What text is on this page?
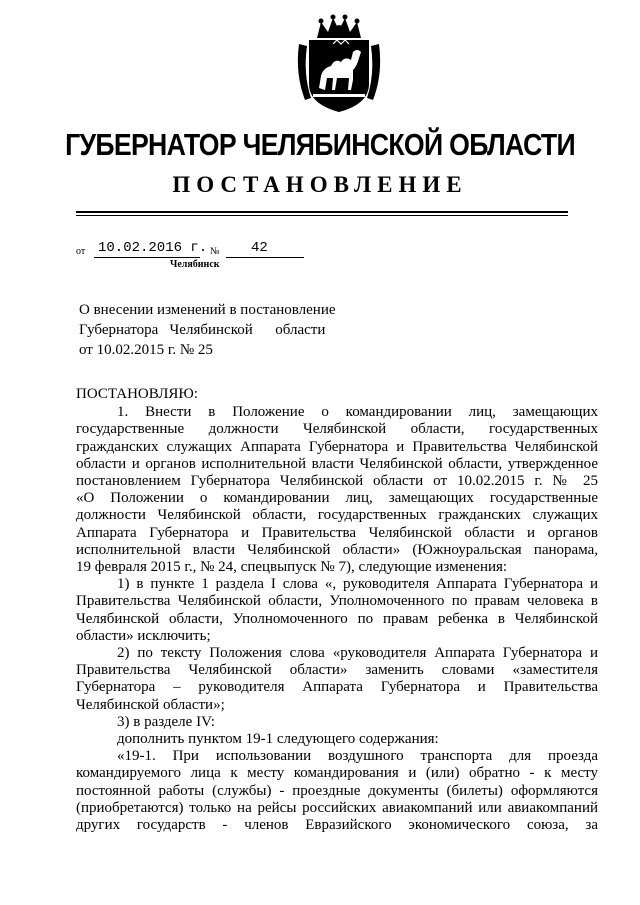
ГУБЕРНАТОР ЧЕЛЯБИНСКОЙ ОБЛАСТИ
ПОСТАНОВЛЕНИЕ
от 10.02.2016 г. № 42
Челябинск
О внесении изменений в постановление
Губернатора   Челябинской      области
от 10.02.2015 г. № 25
ПОСТАНОВЛЯЮ:
1. Внести в Положение о командировании лиц, замещающих
государственные должности Челябинской области, государственных
гражданских служащих Аппарата Губернатора и Правительства Челябинской
области и органов исполнительной власти Челябинской области, утвержденное
постановлением Губернатора Челябинской области от 10.02.2015 г. № 25
«О Положении о командировании лиц, замещающих государственные
должности Челябинской области, государственных гражданских служащих
Аппарата Губернатора и Правительства Челябинской области и органов
исполнительной власти Челябинской области» (Южноуральская панорама,
19 февраля 2015 г., № 24, спецвыпуск № 7), следующие изменения:
1) в пункте 1 раздела I слова «, руководителя Аппарата Губернатора и
Правительства Челябинской области, Уполномоченного по правам человека в
Челябинской области, Уполномоченного по правам ребенка в Челябинской
области» исключить;
2) по тексту Положения слова «руководителя Аппарата Губернатора и
Правительства Челябинской области» заменить словами «заместителя
Губернатора – руководителя Аппарата Губернатора и Правительства
Челябинской области»;
3) в разделе IV:
дополнить пунктом 19-1 следующего содержания:
«19-1. При использовании воздушного транспорта для проезда
командируемого лица к месту командирования и (или) обратно - к месту
постоянной работы (службы) - проездные документы (билеты) оформляются
(приобретаются) только на рейсы российских авиакомпаний или авиакомпаний
других государств - членов Евразийского экономического союза, за
